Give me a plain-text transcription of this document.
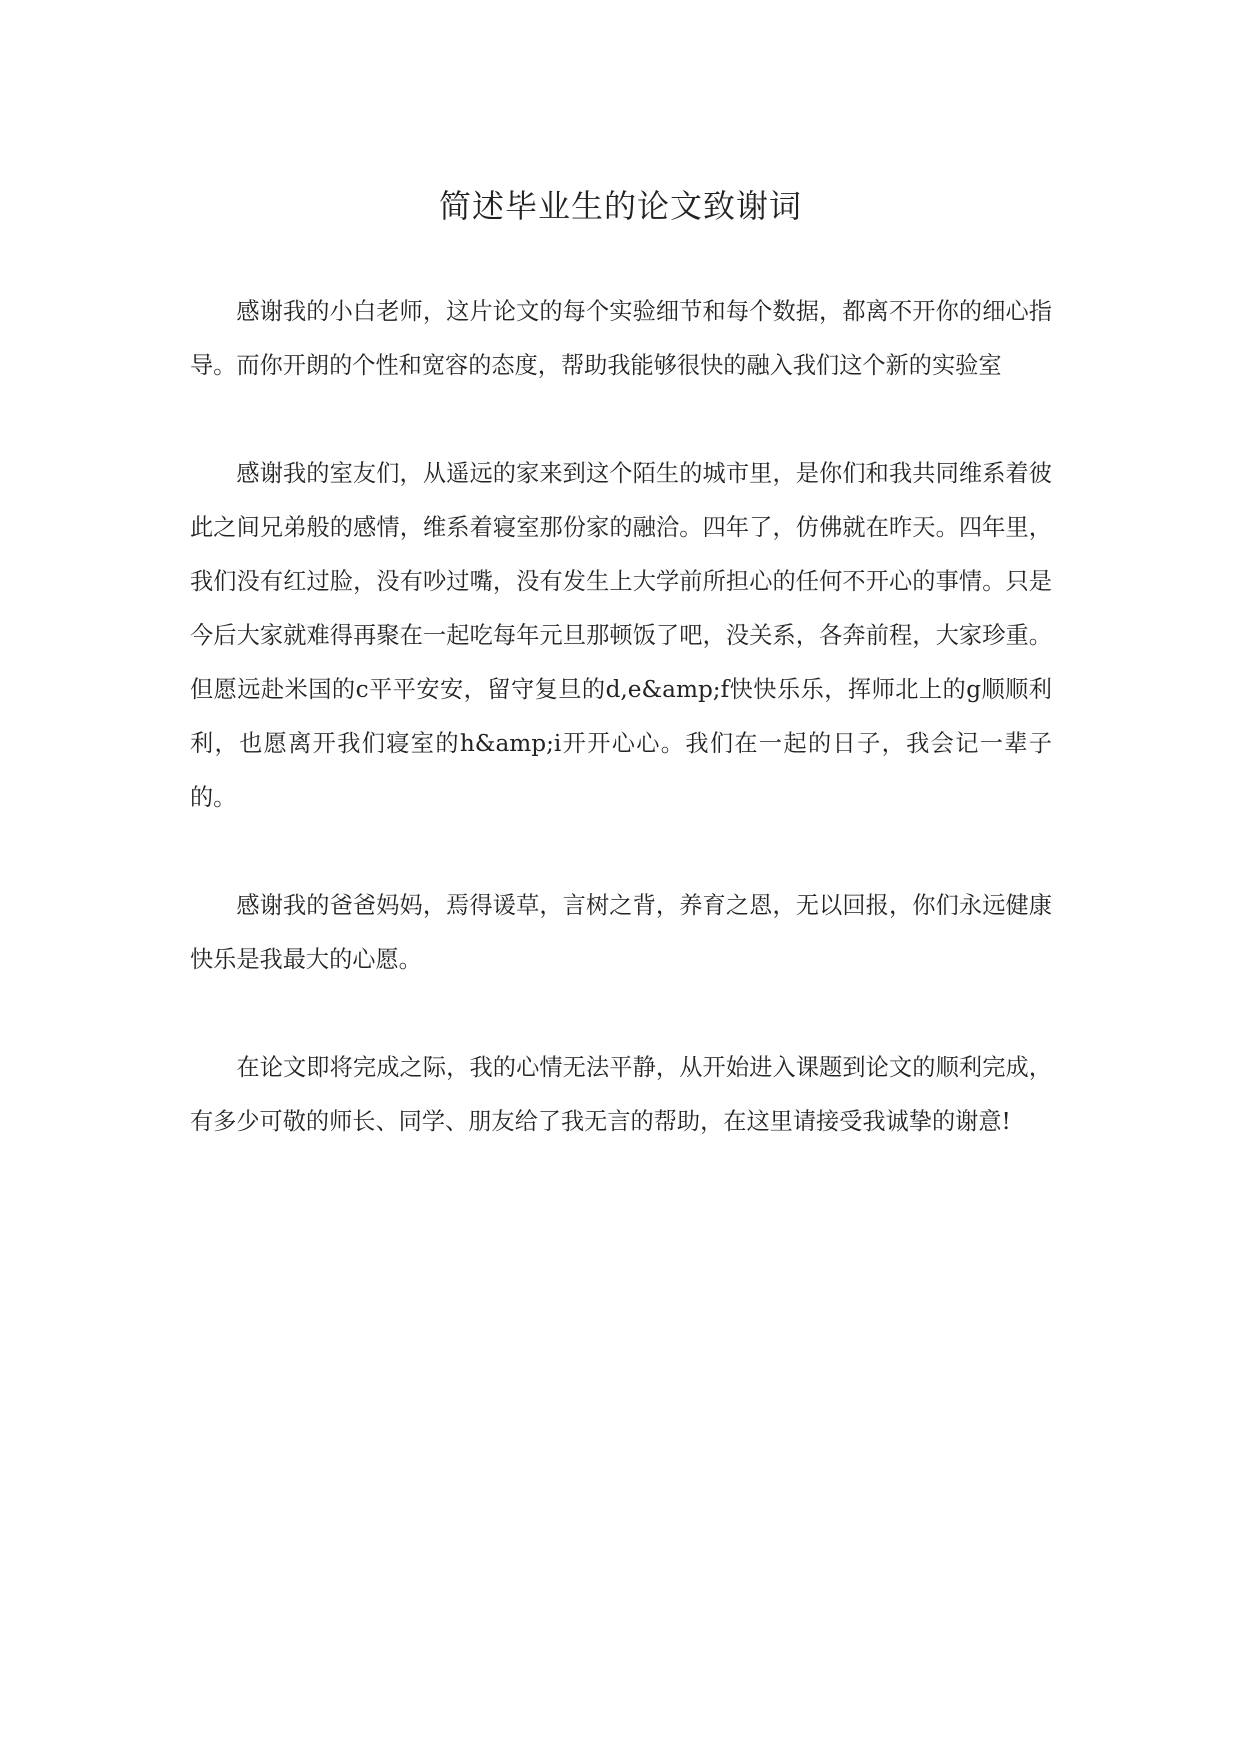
简述毕业生的论文致谢词

感谢我的小白老师，这片论文的每个实验细节和每个数据，都离不开你的细心指导。而你开朗的个性和宽容的态度，帮助我能够很快的融入我们这个新的实验室

感谢我的室友们，从遥远的家来到这个陌生的城市里，是你们和我共同维系着彼此之间兄弟般的感情，维系着寝室那份家的融洽。四年了，仿佛就在昨天。四年里，我们没有红过脸，没有吵过嘴，没有发生上大学前所担心的任何不开心的事情。只是今后大家就难得再聚在一起吃每年元旦那顿饭了吧，没关系，各奔前程，大家珍重。但愿远赴米国的c平平安安，留守复旦的d,e&amp;f快快乐乐，挥师北上的g顺顺利利，也愿离开我们寝室的h&amp;i开开心心。我们在一起的日子，我会记一辈子的。

感谢我的爸爸妈妈，焉得谖草，言树之背，养育之恩，无以回报，你们永远健康快乐是我最大的心愿。

在论文即将完成之际，我的心情无法平静，从开始进入课题到论文的顺利完成，有多少可敬的师长、同学、朋友给了我无言的帮助，在这里请接受我诚挚的谢意!
